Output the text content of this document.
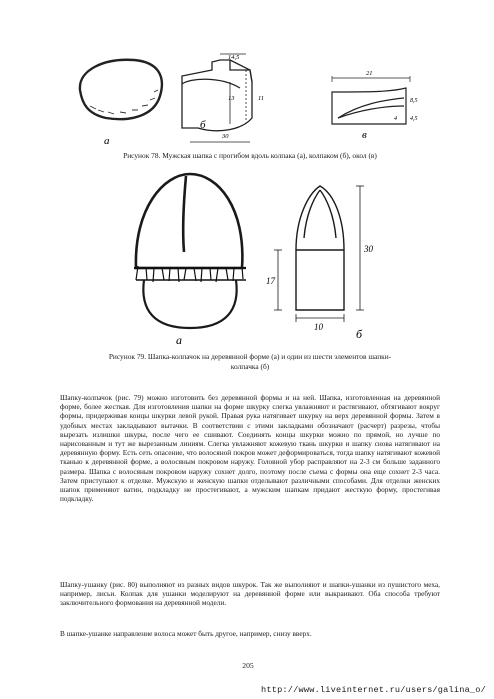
а
14,5
13	11
б
30
21
8,5
4 4,5
в
Рисунок 78. Мужская шапка с прогибом вдоль колпака (а), колпаком (б), окол (в)
а
30
17
10	б
Рисунок 79. Шапка-колпачок на деревянной форме (а) и один из шести элементов шапки-
колпачка (б)
Шапку-колпачок (рис. 79) можно изготовить без деревянной формы и на ней. Шапка, изготовленная на деревянной форме, более жесткая. Для изготовления шапки на форме шкурку слегка увлажняют и растягивают, обтягивают вокруг формы, придерживая концы шкурки левой рукой. Правая рука натягивает шкурку на верх деревянной формы. Затем в удобных местах закладывают вытачки. В соответствии с этими закладками обозначают (расчерт) разрезы, чтобы вырезать излишки шкуры, после чего ее сшивают. Соединять концы шкурки можно по прямой, но лучше по нарисованным и тут же вырезанным линиям. Слегка увлажняют кожевую ткань шкурки и шапку снова натягивают на деревянную форму. Есть сеть опасение, что волосяной покров может деформироваться, тогда шапку натягивают кожевой тканью к деревянной форме, а волосяным покровом наружу. Головной убор расправляют на 2-3 см больше заданного размера. Шапка с волосяным покровом наружу сохнет долго, поэтому после съема с формы она еще сохнет 2-3 часа. Затем приступают к отделке. Мужскую и женскую шапки отделывают различными способами. Для отделки женских шапок применяют ватин, подкладку не простегивают, а мужским шапкам придают жесткую форму, простегивая подкладку.
Шапку-ушанку (рис. 80) выполняют из разных видов шкурок. Так же выполняют и шапки-ушанки из пушистого меха, например, лисьи. Колпак для ушанки моделируют на деревянной форме или выкраивают. Оба способа требуют заключительного формования на деревянной модели.
В шапке-ушанке направление волоса может быть другое, например, снизу вверх.
205
http://www.liveinternet.ru/users/galina_o/
